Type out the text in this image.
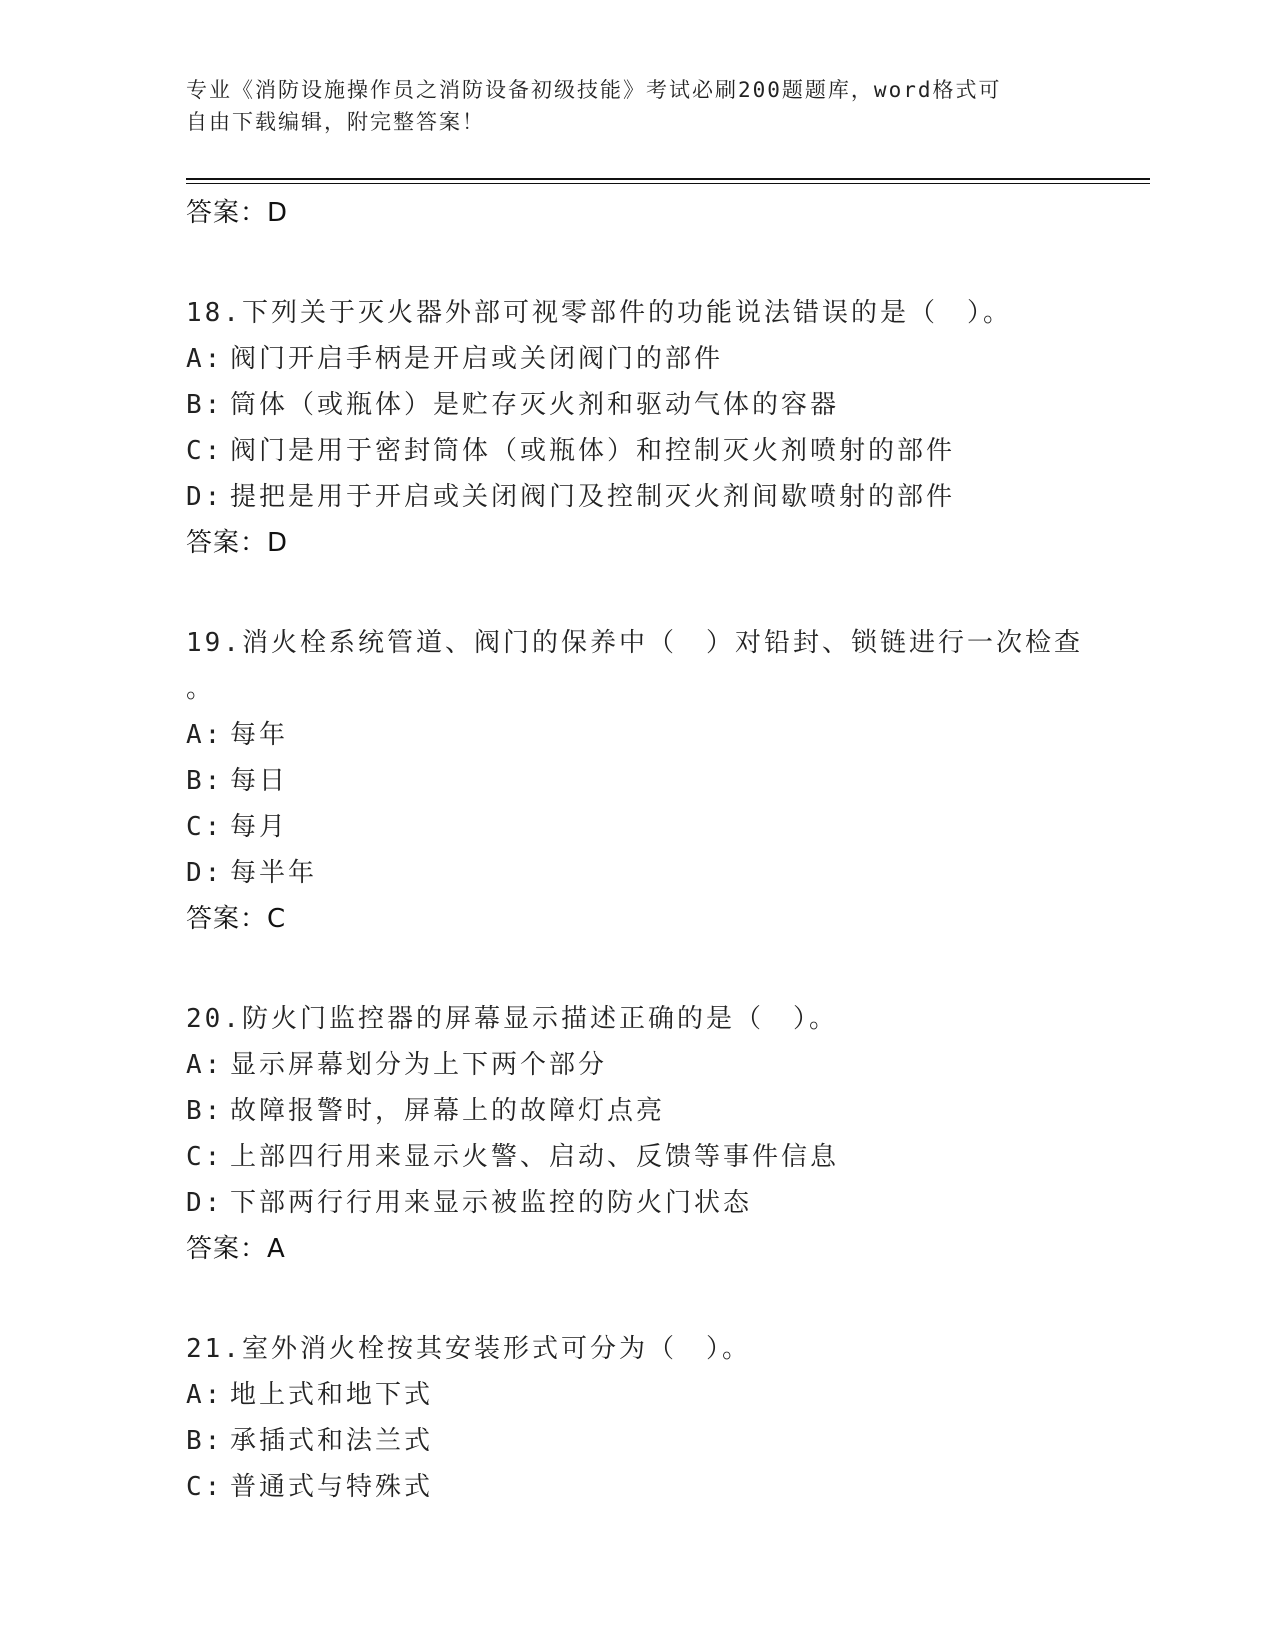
专业《消防设施操作员之消防设备初级技能》考试必刷200题题库，word格式可
自由下载编辑，附完整答案！
答案：D
18.下列关于灭火器外部可视零部件的功能说法错误的是（　）。
A: 阀门开启手柄是开启或关闭阀门的部件
B: 筒体（或瓶体）是贮存灭火剂和驱动气体的容器
C: 阀门是用于密封筒体（或瓶体）和控制灭火剂喷射的部件
D: 提把是用于开启或关闭阀门及控制灭火剂间歇喷射的部件
答案：D
19.消火栓系统管道、阀门的保养中（　）对铅封、锁链进行一次检查
。
A: 每年
B: 每日
C: 每月
D: 每半年
答案：C
20.防火门监控器的屏幕显示描述正确的是（　）。
A: 显示屏幕划分为上下两个部分
B: 故障报警时，屏幕上的故障灯点亮
C: 上部四行用来显示火警、启动、反馈等事件信息
D: 下部两行行用来显示被监控的防火门状态
答案：A
21.室外消火栓按其安装形式可分为（　）。
A: 地上式和地下式
B: 承插式和法兰式
C: 普通式与特殊式
